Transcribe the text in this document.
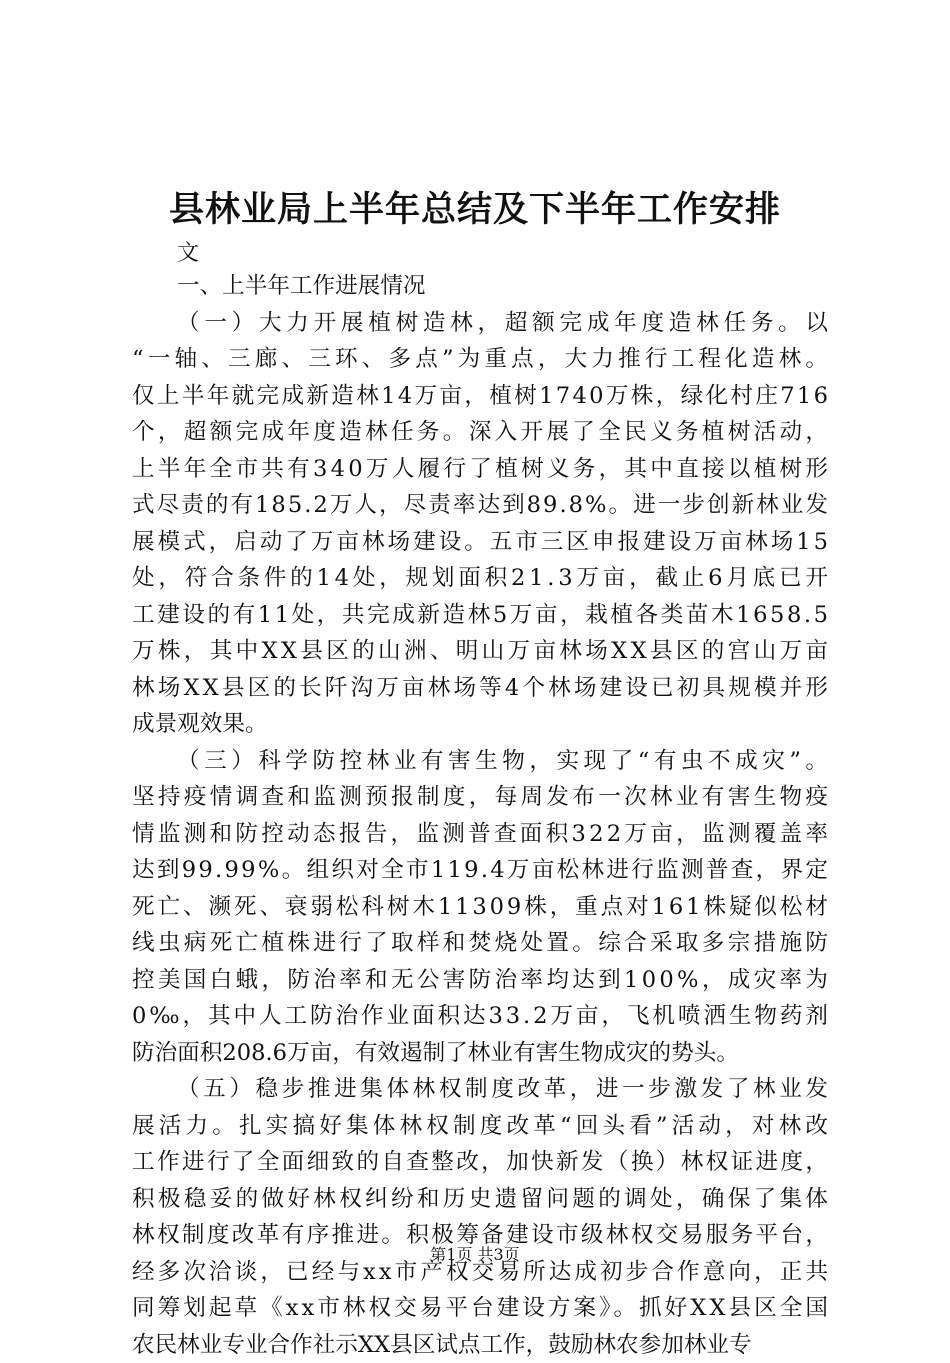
县林业局上半年总结及下半年工作安排
文
一、上半年工作进展情况
（一）大力开展植树造林，超额完成年度造林任务。以
“一轴、三廊、三环、多点”为重点，大力推行工程化造林。
仅上半年就完成新造林14万亩，植树1740万株，绿化村庄716
个，超额完成年度造林任务。深入开展了全民义务植树活动，
上半年全市共有340万人履行了植树义务，其中直接以植树形
式尽责的有185.2万人，尽责率达到89.8%。进一步创新林业发
展模式，启动了万亩林场建设。五市三区申报建设万亩林场15
处，符合条件的14处，规划面积21.3万亩，截止6月底已开
工建设的有11处，共完成新造林5万亩，栽植各类苗木1658.5
万株，其中XX县区的山洲、明山万亩林场XX县区的宫山万亩
林场XX县区的长阡沟万亩林场等4个林场建设已初具规模并形
成景观效果。
（三）科学防控林业有害生物，实现了“有虫不成灾”。
坚持疫情调查和监测预报制度，每周发布一次林业有害生物疫
情监测和防控动态报告，监测普查面积322万亩，监测覆盖率
达到99.99%。组织对全市119.4万亩松林进行监测普查，界定
死亡、濒死、衰弱松科树木11309株，重点对161株疑似松材
线虫病死亡植株进行了取样和焚烧处置。综合采取多宗措施防
控美国白蛾，防治率和无公害防治率均达到100%，成灾率为
0‰，其中人工防治作业面积达33.2万亩，飞机喷洒生物药剂
防治面积208.6万亩，有效遏制了林业有害生物成灾的势头。
（五）稳步推进集体林权制度改革，进一步激发了林业发
展活力。扎实搞好集体林权制度改革“回头看”活动，对林改
工作进行了全面细致的自查整改，加快新发（换）林权证进度，
积极稳妥的做好林权纠纷和历史遗留问题的调处，确保了集体
林权制度改革有序推进。积极筹备建设市级林权交易服务平台，
经多次洽谈，已经与xx市产权交易所达成初步合作意向，正共
同筹划起草《xx市林权交易平台建设方案》。抓好XX县区全国
农民林业专业合作社示XX县区试点工作，鼓励林农参加林业专
第1页 共3页
